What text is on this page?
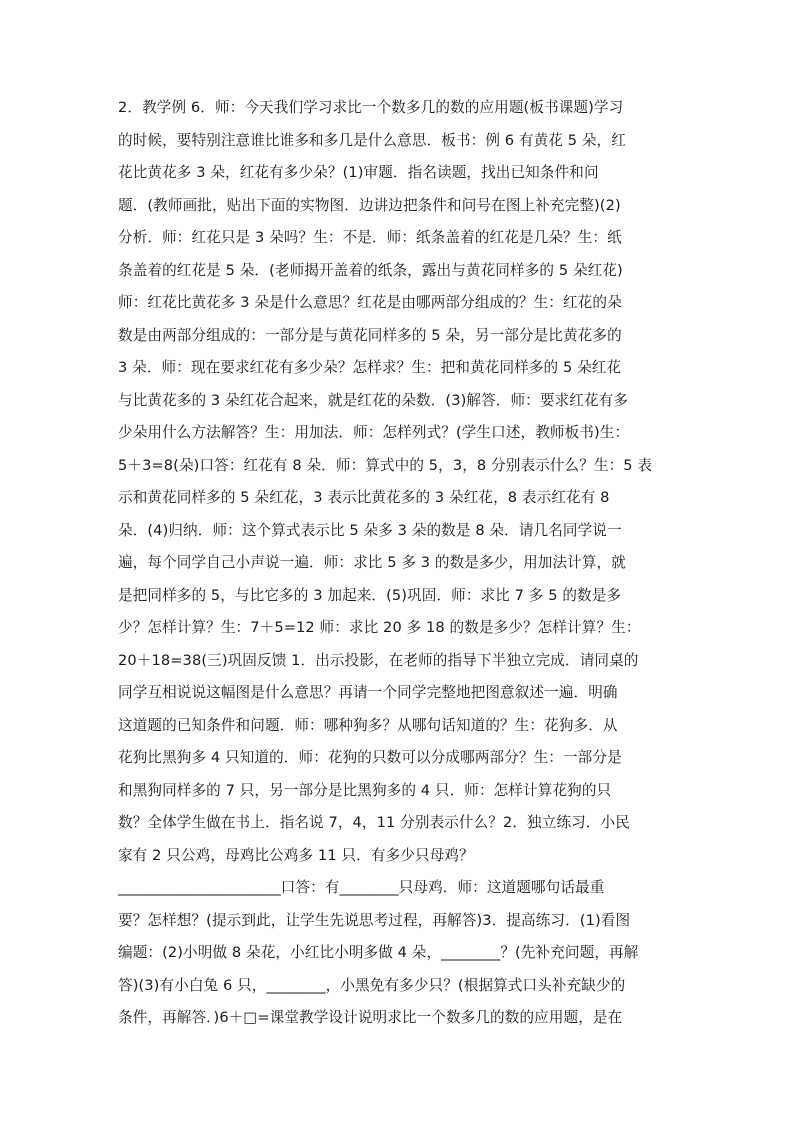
2．教学例 6．师：今天我们学习求比一个数多几的数的应用题(板书课题)学习
的时候，要特别注意谁比谁多和多几是什么意思．板书：例 6 有黄花 5 朵，红
花比黄花多 3 朵，红花有多少朵？(1)审题．指名读题，找出已知条件和问
题．(教师画批，贴出下面的实物图．边讲边把条件和问号在图上补充完整)(2)
分析．师：红花只是 3 朵吗？生：不是．师：纸条盖着的红花是几朵？生：纸
条盖着的红花是 5 朵．(老师揭开盖着的纸条，露出与黄花同样多的 5 朵红花)
师：红花比黄花多 3 朵是什么意思？红花是由哪两部分组成的？生：红花的朵
数是由两部分组成的：一部分是与黄花同样多的 5 朵，另一部分是比黄花多的
3 朵．师：现在要求红花有多少朵？怎样求？生：把和黄花同样多的 5 朵红花
与比黄花多的 3 朵红花合起来，就是红花的朵数．(3)解答．师：要求红花有多
少朵用什么方法解答？生：用加法．师：怎样列式？(学生口述，教师板书)生：
5＋3=8(朵)口答：红花有 8 朵．师：算式中的 5，3，8 分别表示什么？生：5 表
示和黄花同样多的 5 朵红花，3 表示比黄花多的 3 朵红花，8 表示红花有 8
朵．(4)归纳．师：这个算式表示比 5 朵多 3 朵的数是 8 朵．请几名同学说一
遍，每个同学自己小声说一遍．师：求比 5 多 3 的数是多少，用加法计算，就
是把同样多的 5，与比它多的 3 加起来．(5)巩固．师：求比 7 多 5 的数是多
少？怎样计算？生：7＋5=12 师：求比 20 多 18 的数是多少？怎样计算？生：
20＋18=38(三)巩固反馈 1．出示投影，在老师的指导下半独立完成．请同桌的
同学互相说说这幅图是什么意思？再请一个同学完整地把图意叙述一遍．明确
这道题的已知条件和问题．师：哪种狗多？从哪句话知道的？生：花狗多．从
花狗比黑狗多 4 只知道的．师：花狗的只数可以分成哪两部分？生：一部分是
和黑狗同样多的 7 只，另一部分是比黑狗多的 4 只．师：怎样计算花狗的只
数？全体学生做在书上．指名说 7，4，11 分别表示什么？2．独立练习．小民
家有 2 只公鸡，母鸡比公鸡多 11 只．有多少只母鸡？
______________________口答：有________只母鸡．师：这道题哪句话最重
要？怎样想？(提示到此，让学生先说思考过程，再解答)3．提高练习．(1)看图
编题：(2)小明做 8 朵花，小红比小明多做 4 朵，________？(先补充问题，再解
答)(3)有小白兔 6 只，________，小黑免有多少只？(根据算式口头补充缺少的
条件，再解答．)6＋□=课堂教学设计说明求比一个数多几的数的应用题，是在
